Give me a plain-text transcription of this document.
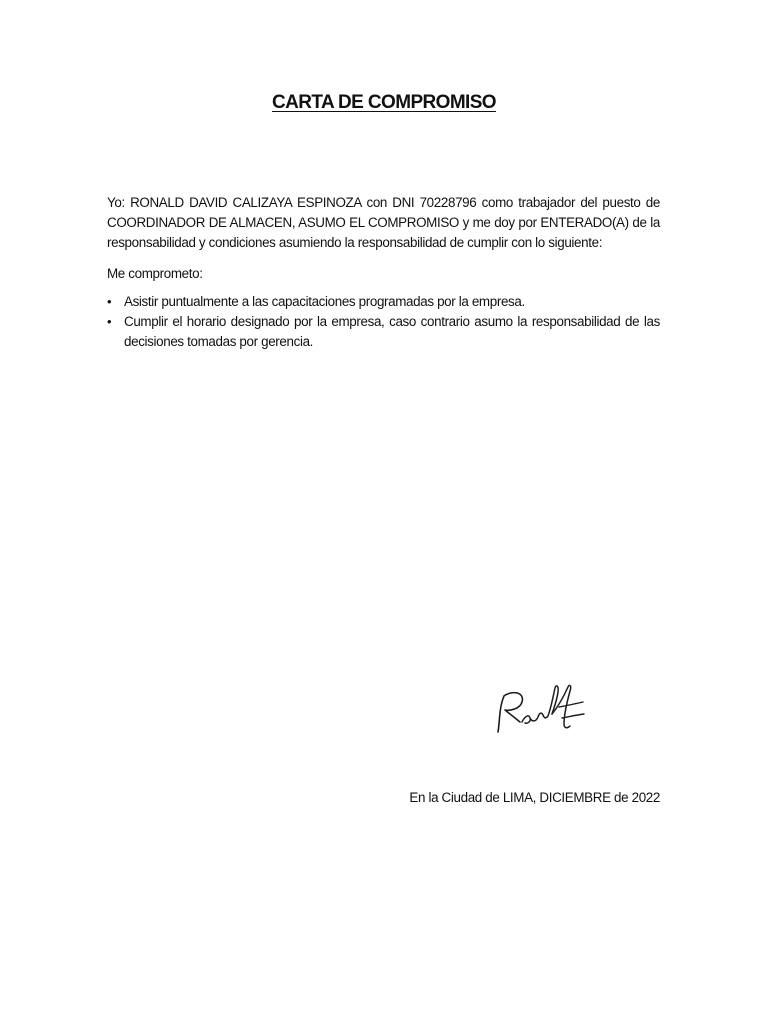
CARTA DE COMPROMISO

Yo: RONALD DAVID CALIZAYA ESPINOZA con DNI 70228796 como trabajador del puesto de COORDINADOR DE ALMACEN, ASUMO EL COMPROMISO y me doy por ENTERADO(A) de la responsabilidad y condiciones asumiendo la responsabilidad de cumplir con lo siguiente:

Me comprometo:

• Asistir puntualmente a las capacitaciones programadas por la empresa.
• Cumplir el horario designado por la empresa, caso contrario asumo la responsabilidad de las decisiones tomadas por gerencia.

En la Ciudad de LIMA, DICIEMBRE de 2022
